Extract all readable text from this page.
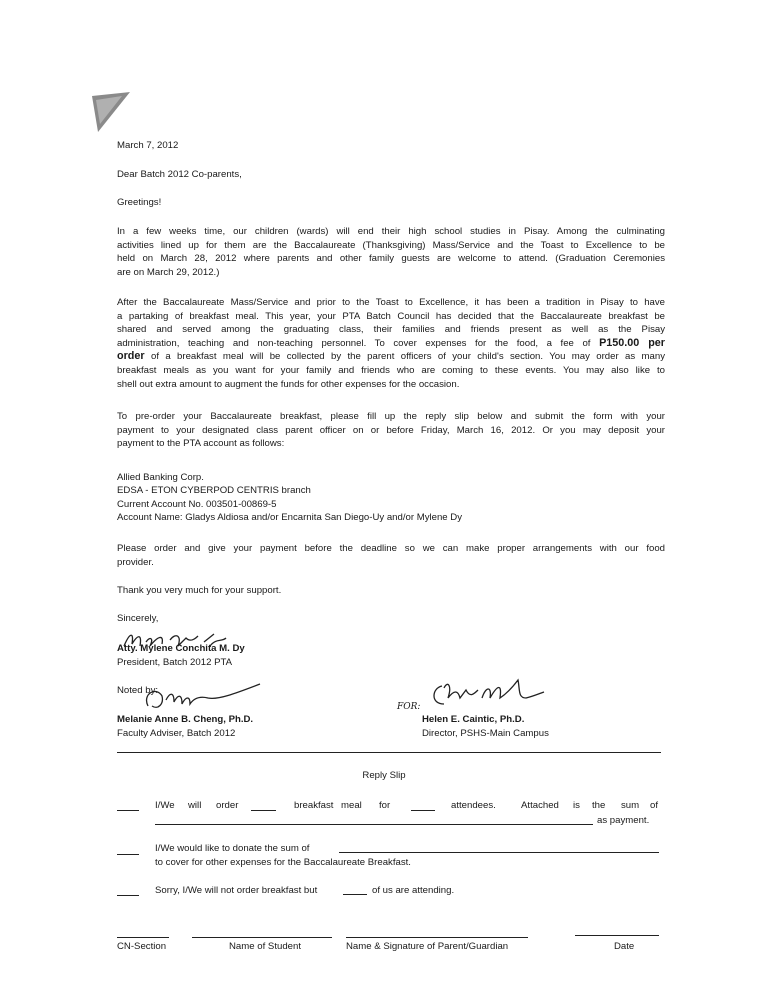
March 7, 2012

Dear Batch 2012 Co-parents,

Greetings!

In a few weeks time, our children (wards) will end their high school studies in Pisay. Among the culminating
activities lined up for them are the Baccalaureate (Thanksgiving) Mass/Service and the Toast to Excellence to be
held on March 28, 2012 where parents and other family guests are welcome to attend. (Graduation Ceremonies
are on March 29, 2012.)
After the Baccalaureate Mass/Service and prior to the Toast to Excellence, it has been a tradition in Pisay to have
a partaking of breakfast meal. This year, your PTA Batch Council has decided that the Baccalaureate breakfast be
shared and served among the graduating class, their families and friends present as well as the Pisay
administration, teaching and non-teaching personnel. To cover expenses for the food, a fee of P150.00 per
order of a breakfast meal will be collected by the parent officers of your child's section. You may order as many
breakfast meals as you want for your family and friends who are coming to these events. You may also like to
shell out extra amount to augment the funds for other expenses for the occasion.
To pre-order your Baccalaureate breakfast, please fill up the reply slip below and submit the form with your
payment to your designated class parent officer on or before Friday, March 16, 2012. Or you may deposit your
payment to the PTA account as follows:
Allied Banking Corp.
EDSA - ETON CYBERPOD CENTRIS branch
Current Account No. 003501-00869-5
Account Name: Gladys Aldiosa and/or Encarnita San Diego-Uy and/or Mylene Dy
Please order and give your payment before the deadline so we can make proper arrangements with our food
provider.

Thank you very much for your support.

Sincerely,

Atty. Mylene Conchita M. Dy
President, Batch 2012 PTA
Noted by:
Melanie Anne B. Cheng, Ph.D.
Faculty Adviser, Batch 2012
FOR:
Helen E. Caintic, Ph.D.
Director, PSHS-Main Campus
Reply Slip
I/We will order	breakfast meal for	attendees.	Attached is the sum of
as payment.
I/We would like to donate the sum of
to cover for other expenses for the Baccalaureate Breakfast.
Sorry, I/We will not order breakfast but	of us are attending.
CN-Section	Name of Student	Name & Signature of Parent/Guardian	Date
